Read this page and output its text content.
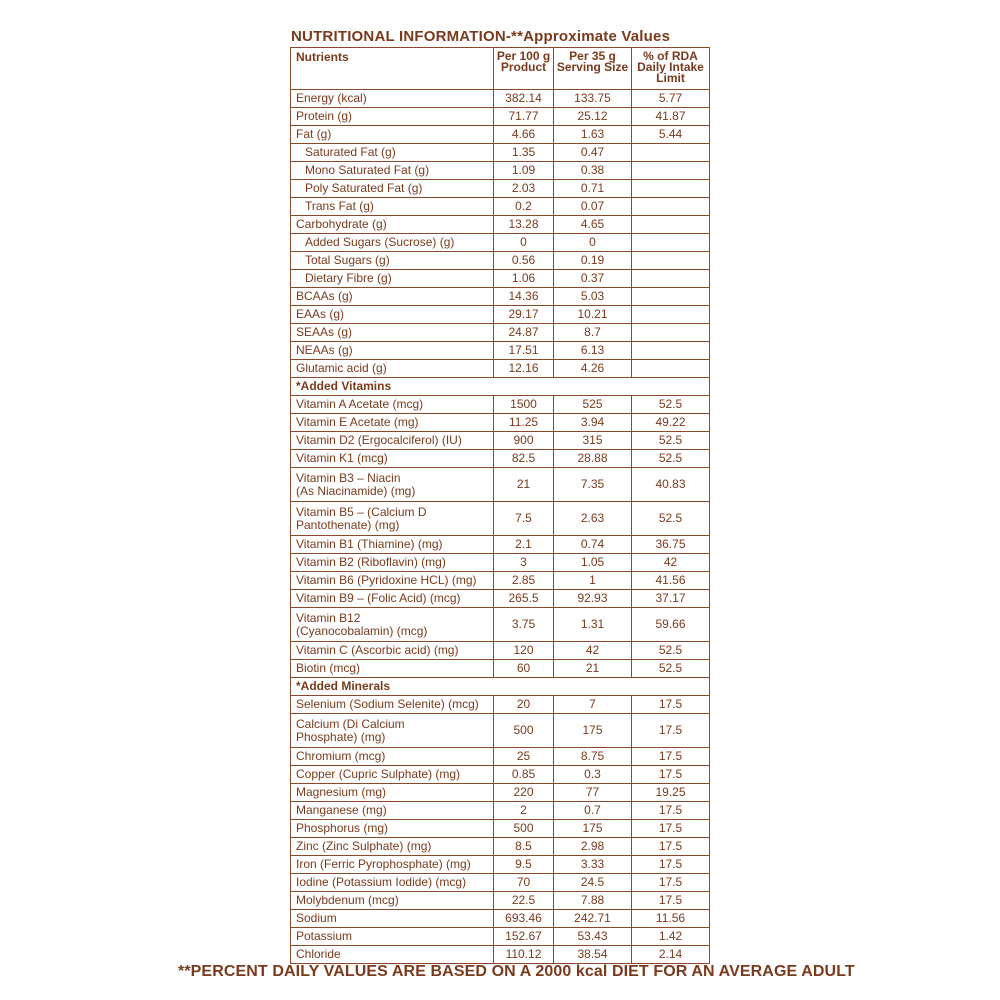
NUTRITIONAL INFORMATION-**Approximate Values
Nutrients	Per 100 g Product	Per 35 g Serving Size	% of RDA Daily Intake Limit
Energy (kcal)	382.14	133.75	5.77
Protein (g)	71.77	25.12	41.87
Fat (g)	4.66	1.63	5.44
Saturated Fat (g)	1.35	0.47	
Mono Saturated Fat (g)	1.09	0.38	
Poly Saturated Fat (g)	2.03	0.71	
Trans Fat (g)	0.2	0.07	
Carbohydrate (g)	13.28	4.65	
Added Sugars (Sucrose) (g)	0	0	
Total Sugars (g)	0.56	0.19	
Dietary Fibre (g)	1.06	0.37	
BCAAs (g)	14.36	5.03	
EAAs (g)	29.17	10.21	
SEAAs (g)	24.87	8.7	
NEAAs (g)	17.51	6.13	
Glutamic acid (g)	12.16	4.26	
*Added Vitamins			
Vitamin A Acetate (mcg)	1500	525	52.5
Vitamin E Acetate (mg)	11.25	3.94	49.22
Vitamin D2 (Ergocalciferol) (IU)	900	315	52.5
Vitamin K1 (mcg)	82.5	28.88	52.5
Vitamin B3 – Niacin
(As Niacinamide) (mg)	21	7.35	40.83
Vitamin B5 – (Calcium D
Pantothenate) (mg)	7.5	2.63	52.5
Vitamin B1 (Thiamine) (mg)	2.1	0.74	36.75
Vitamin B2 (Riboflavin) (mg)	3	1.05	42
Vitamin B6 (Pyridoxine HCL) (mg)	2.85	1	41.56
Vitamin B9 – (Folic Acid) (mcg)	265.5	92.93	37.17
Vitamin B12
(Cyanocobalamin) (mcg)	3.75	1.31	59.66
Vitamin C (Ascorbic acid) (mg)	120	42	52.5
Biotin (mcg)	60	21	52.5
*Added Minerals			
Selenium (Sodium Selenite) (mcg)	20	7	17.5
Calcium (Di Calcium
Phosphate) (mg)	500	175	17.5
Chromium (mcg)	25	8.75	17.5
Copper (Cupric Sulphate) (mg)	0.85	0.3	17.5
Magnesium (mg)	220	77	19.25
Manganese (mg)	2	0.7	17.5
Phosphorus (mg)	500	175	17.5
Zinc (Zinc Sulphate) (mg)	8.5	2.98	17.5
Iron (Ferric Pyrophosphate) (mg)	9.5	3.33	17.5
Iodine (Potassium Iodide) (mcg)	70	24.5	17.5
Molybdenum (mcg)	22.5	7.88	17.5
Sodium	693.46	242.71	11.56
Potassium	152.67	53.43	1.42
Chloride	110.12	38.54	2.14
**PERCENT DAILY VALUES ARE BASED ON A 2000 kcal DIET FOR AN AVERAGE ADULT
